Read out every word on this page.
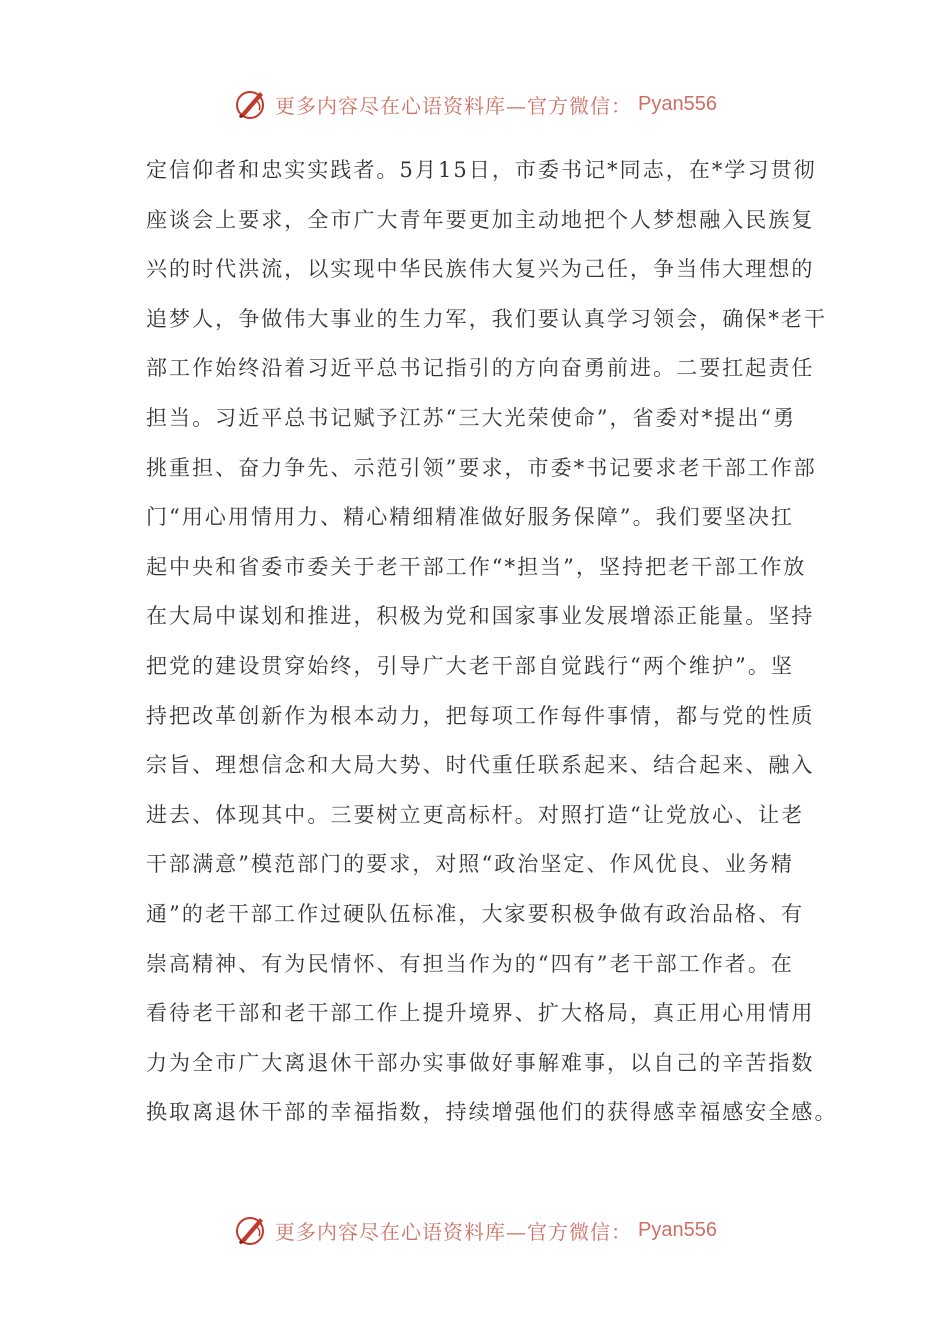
更多内容尽在心语资料库—官方微信： Pyan556
定信仰者和忠实实践者。5月15日，市委书记*同志，在*学习贯彻
座谈会上要求，全市广大青年要更加主动地把个人梦想融入民族复
兴的时代洪流，以实现中华民族伟大复兴为己任，争当伟大理想的
追梦人，争做伟大事业的生力军，我们要认真学习领会，确保*老干
部工作始终沿着习近平总书记指引的方向奋勇前进。二要扛起责任
担当。习近平总书记赋予江苏“三大光荣使命”，省委对*提出“勇
挑重担、奋力争先、示范引领”要求，市委*书记要求老干部工作部
门“用心用情用力、精心精细精准做好服务保障”。我们要坚决扛
起中央和省委市委关于老干部工作“*担当”，坚持把老干部工作放
在大局中谋划和推进，积极为党和国家事业发展增添正能量。坚持
把党的建设贯穿始终，引导广大老干部自觉践行“两个维护”。坚
持把改革创新作为根本动力，把每项工作每件事情，都与党的性质
宗旨、理想信念和大局大势、时代重任联系起来、结合起来、融入
进去、体现其中。三要树立更高标杆。对照打造“让党放心、让老
干部满意”模范部门的要求，对照“政治坚定、作风优良、业务精
通”的老干部工作过硬队伍标准，大家要积极争做有政治品格、有
崇高精神、有为民情怀、有担当作为的“四有”老干部工作者。在
看待老干部和老干部工作上提升境界、扩大格局，真正用心用情用
力为全市广大离退休干部办实事做好事解难事，以自己的辛苦指数
换取离退休干部的幸福指数，持续增强他们的获得感幸福感安全感。
更多内容尽在心语资料库—官方微信： Pyan556
